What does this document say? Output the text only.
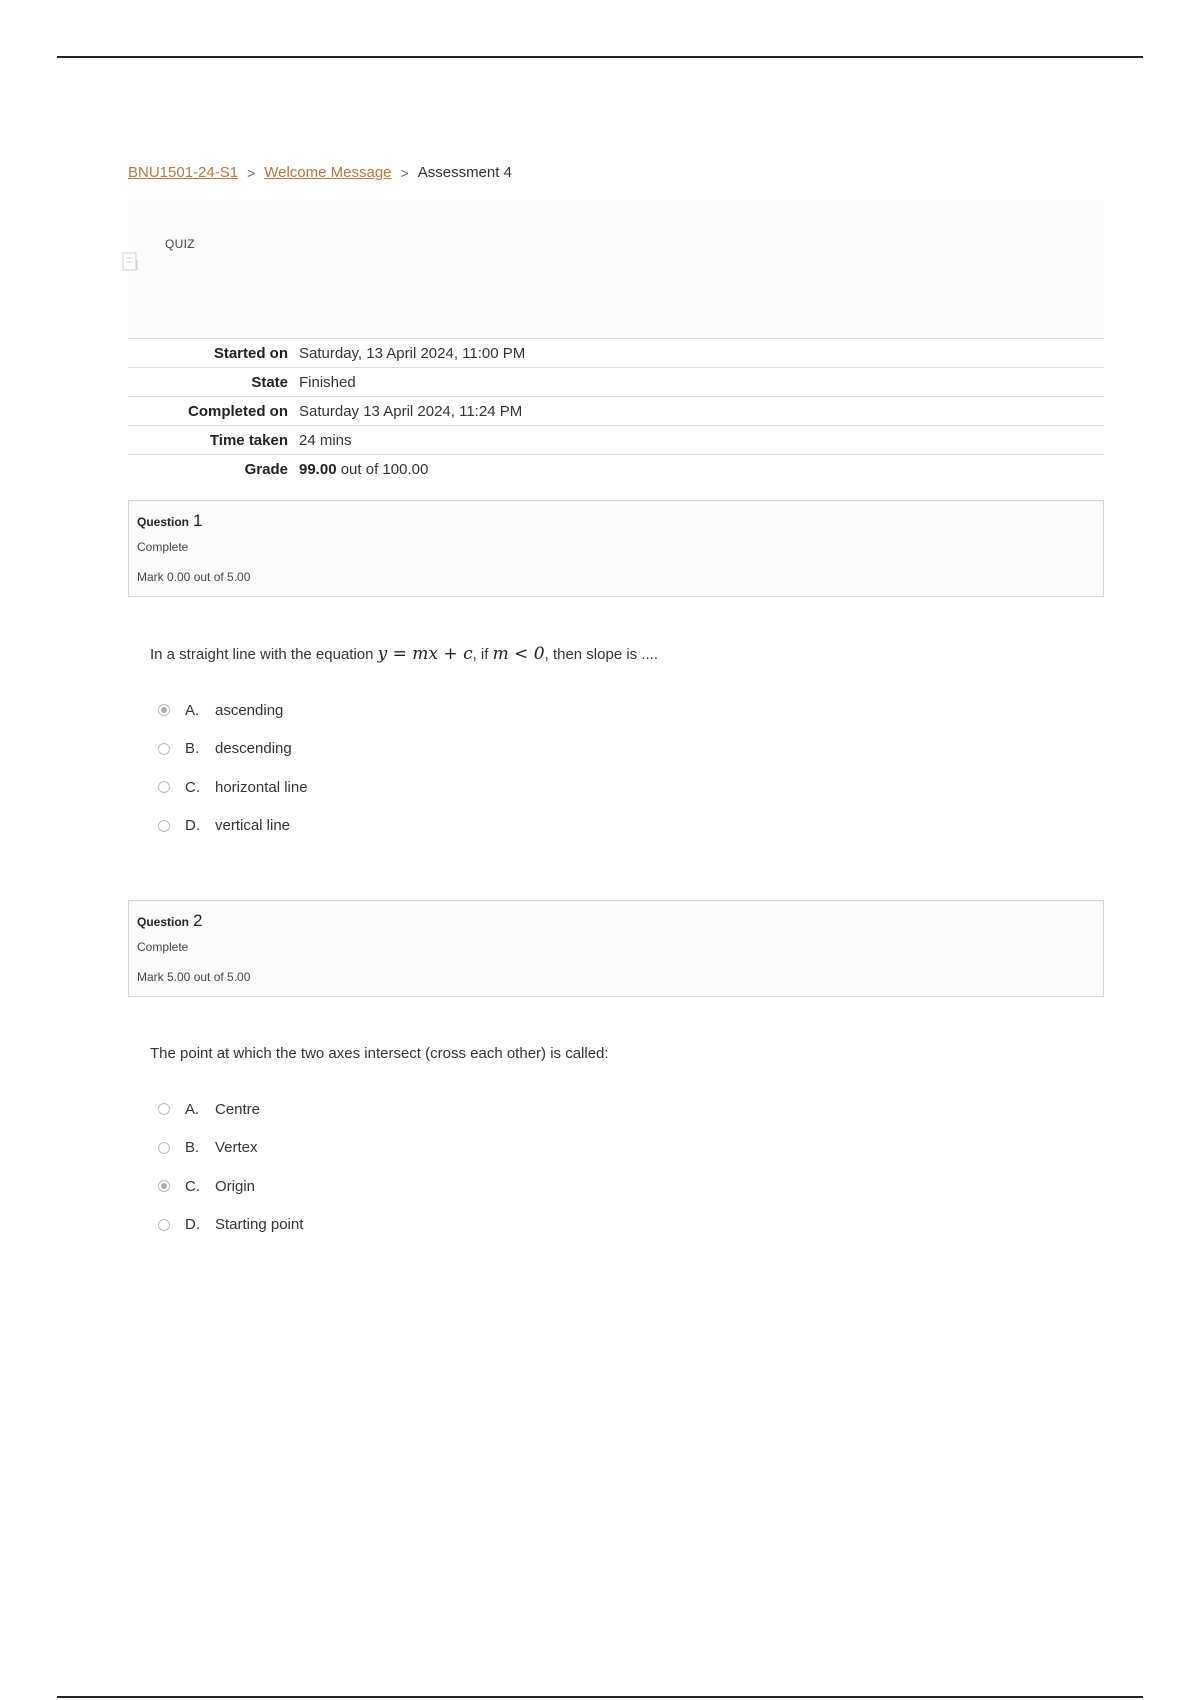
BNU1501-24-S1 > Welcome Message > Assessment 4
QUIZ
Started on Saturday, 13 April 2024, 11:00 PM
State Finished
Completed on Saturday 13 April 2024, 11:24 PM
Time taken 24 mins
Grade 99.00 out of 100.00
Question 1
Complete
Mark 0.00 out of 5.00
In a straight line with the equation y = mx + c, if m < 0, then slope is ....
A.	ascending
B.	descending
C.	horizontal line
D.	vertical line
Question 2
Complete
Mark 5.00 out of 5.00
The point at which the two axes intersect (cross each other) is called:
A.	Centre
B.	Vertex
C.	Origin
D.	Starting point
